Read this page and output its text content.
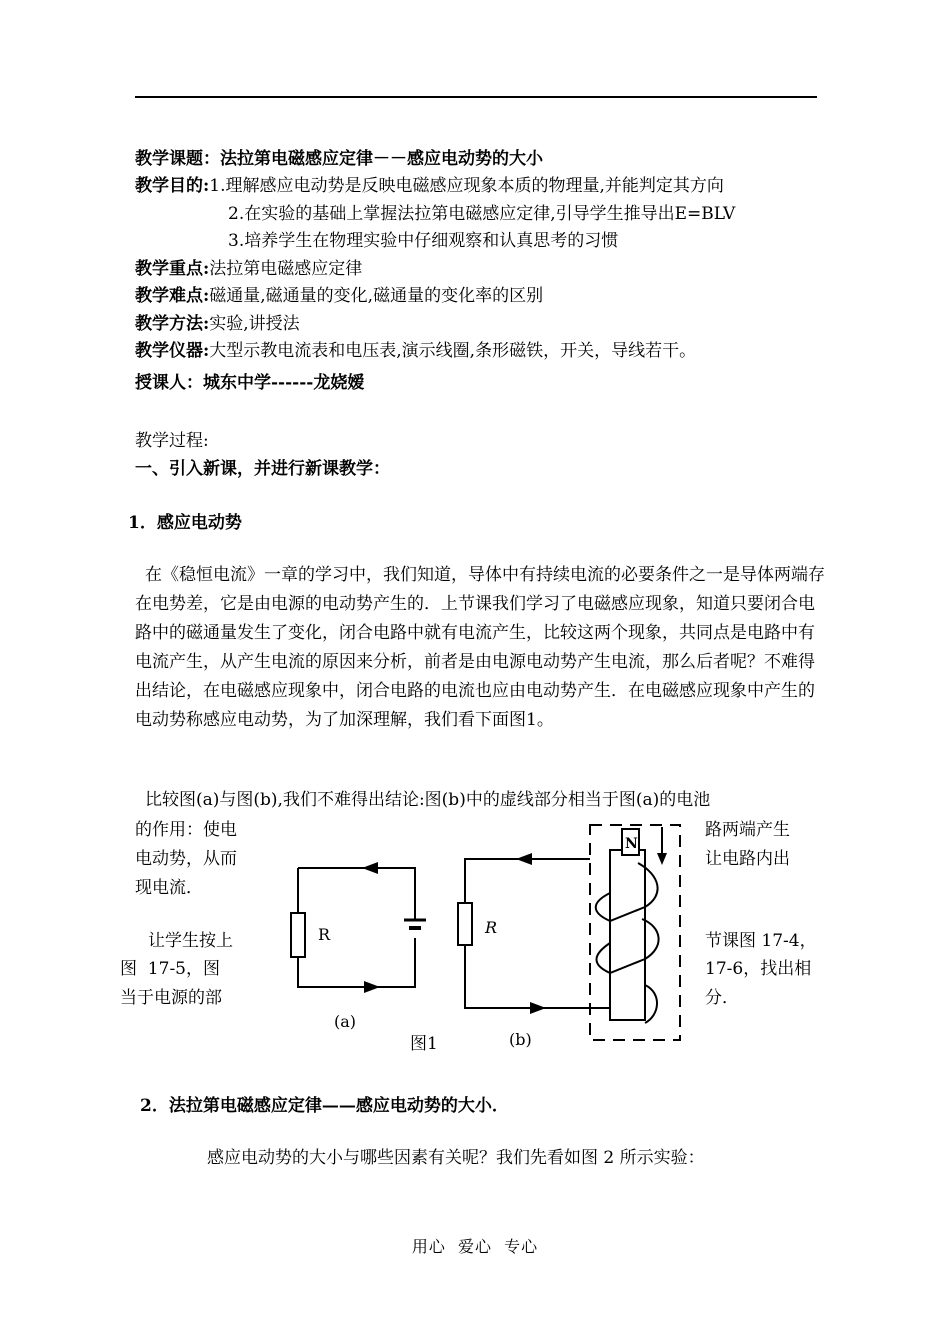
教学课题：法拉第电磁感应定律－－感应电动势的大小
教学目的:1.理解感应电动势是反映电磁感应现象本质的物理量,并能判定其方向
2.在实验的基础上掌握法拉第电磁感应定律,引导学生推导出E=BLV
3.培养学生在物理实验中仔细观察和认真思考的习惯
教学重点:法拉第电磁感应定律
教学难点:磁通量,磁通量的变化,磁通量的变化率的区别
教学方法:实验,讲授法
教学仪器:大型示教电流表和电压表,演示线圈,条形磁铁，开关，导线若干。
授课人：城东中学------龙娆嫒
教学过程:
一、引入新课，并进行新课教学：
1．感应电动势
在《稳恒电流》一章的学习中，我们知道，导体中有持续电流的必要条件之一是导体两端存在电势差，它是由电源的电动势产生的．上节课我们学习了电磁感应现象，知道只要闭合电路中的磁通量发生了变化，闭合电路中就有电流产生，比较这两个现象，共同点是电路中有电流产生，从产生电流的原因来分析，前者是由电源电动势产生电流，那么后者呢？不难得出结论，在电磁感应现象中，闭合电路的电流也应由电动势产生．在电磁感应现象中产生的电动势称感应电动势，为了加深理解，我们看下面图1。
比较图(a)与图(b),我们不难得出结论:图(b)中的虚线部分相当于图(a)的电池
的作用：使电
电动势，从而
现电流．
路两端产生
让电路内出
让学生按上
图  17-5，图
当于电源的部
节课图 17-4，
17-6，找出相
分．
R	R
N
(a)
图1	(b)
2．法拉第电磁感应定律——感应电动势的大小．
感应电动势的大小与哪些因素有关呢？我们先看如图 2 所示实验：
用心  爱心  专心
